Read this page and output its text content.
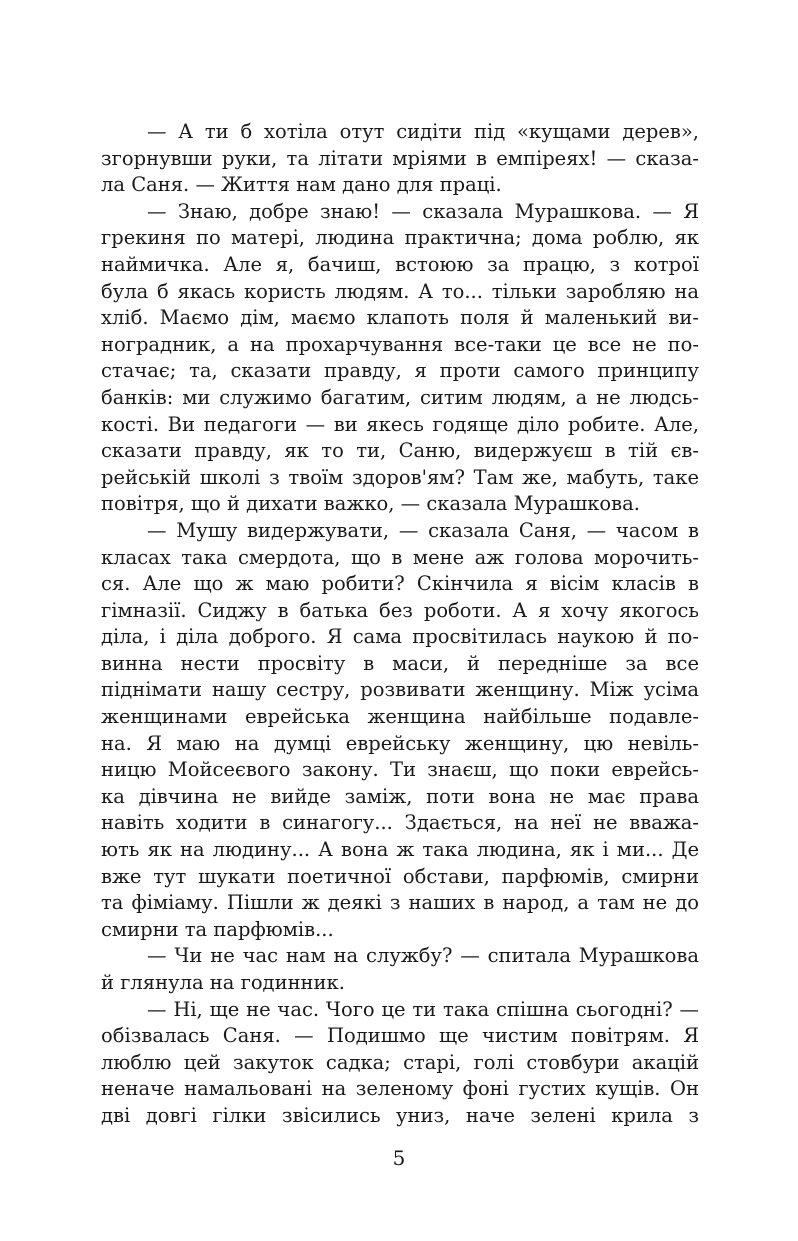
— А ти б хотіла отут сидіти під «кущами дерев»,
згорнувши руки, та літати мріями в емпіреях! — сказа-
ла Саня. — Життя нам дано для праці.
— Знаю, добре знаю! — сказала Мурашкова. — Я
грекиня по матері, людина практична; дома роблю, як
наймичка. Але я, бачиш, встоюю за працю, з котрої
була б якась користь людям. А то... тільки заробляю на
хліб. Маємо дім, маємо клапоть поля й маленький ви-
ноградник, а на прохарчування все-таки це все не по-
стачає; та, сказати правду, я проти самого принципу
банків: ми служимо багатим, ситим людям, а не людсь-
кості. Ви педагоги — ви якесь годяще діло робите. Але,
сказати правду, як то ти, Саню, видержуєш в тій єв-
рейській школі з твоїм здоров'ям? Там же, мабуть, таке
повітря, що й дихати важко, — сказала Мурашкова.
— Мушу видержувати, — сказала Саня, — часом в
класах така смердота, що в мене аж голова морочить-
ся. Але що ж маю робити? Скінчила я вісім класів в
гімназії. Сиджу в батька без роботи. А я хочу якогось
діла, і діла доброго. Я сама просвітилась наукою й по-
винна нести просвіту в маси, й передніше за все
піднімати нашу сестру, розвивати женщину. Між усіма
женщинами еврейська женщина найбільше подавле-
на. Я маю на думці еврейську женщину, цю невіль-
ницю Мойсеєвого закону. Ти знаєш, що поки еврейсь-
ка дівчина не вийде заміж, поти вона не має права
навіть ходити в синагогу... Здається, на неї не вважа-
ють як на людину... А вона ж така людина, як і ми... Де
вже тут шукати поетичної обстави, парфюмів, смирни
та фіміаму. Пішли ж деякі з наших в народ, а там не до
смирни та парфюмів...
— Чи не час нам на службу? — спитала Мурашкова
й глянула на годинник.
— Ні, ще не час. Чого це ти така спішна сьогодні? —
обізвалась Саня. — Подишмо ще чистим повітрям. Я
люблю цей закуток садка; старі, голі стовбури акацій
неначе намальовані на зеленому фоні густих кущів. Он
дві довгі гілки звісились униз, наче зелені крила з
5
